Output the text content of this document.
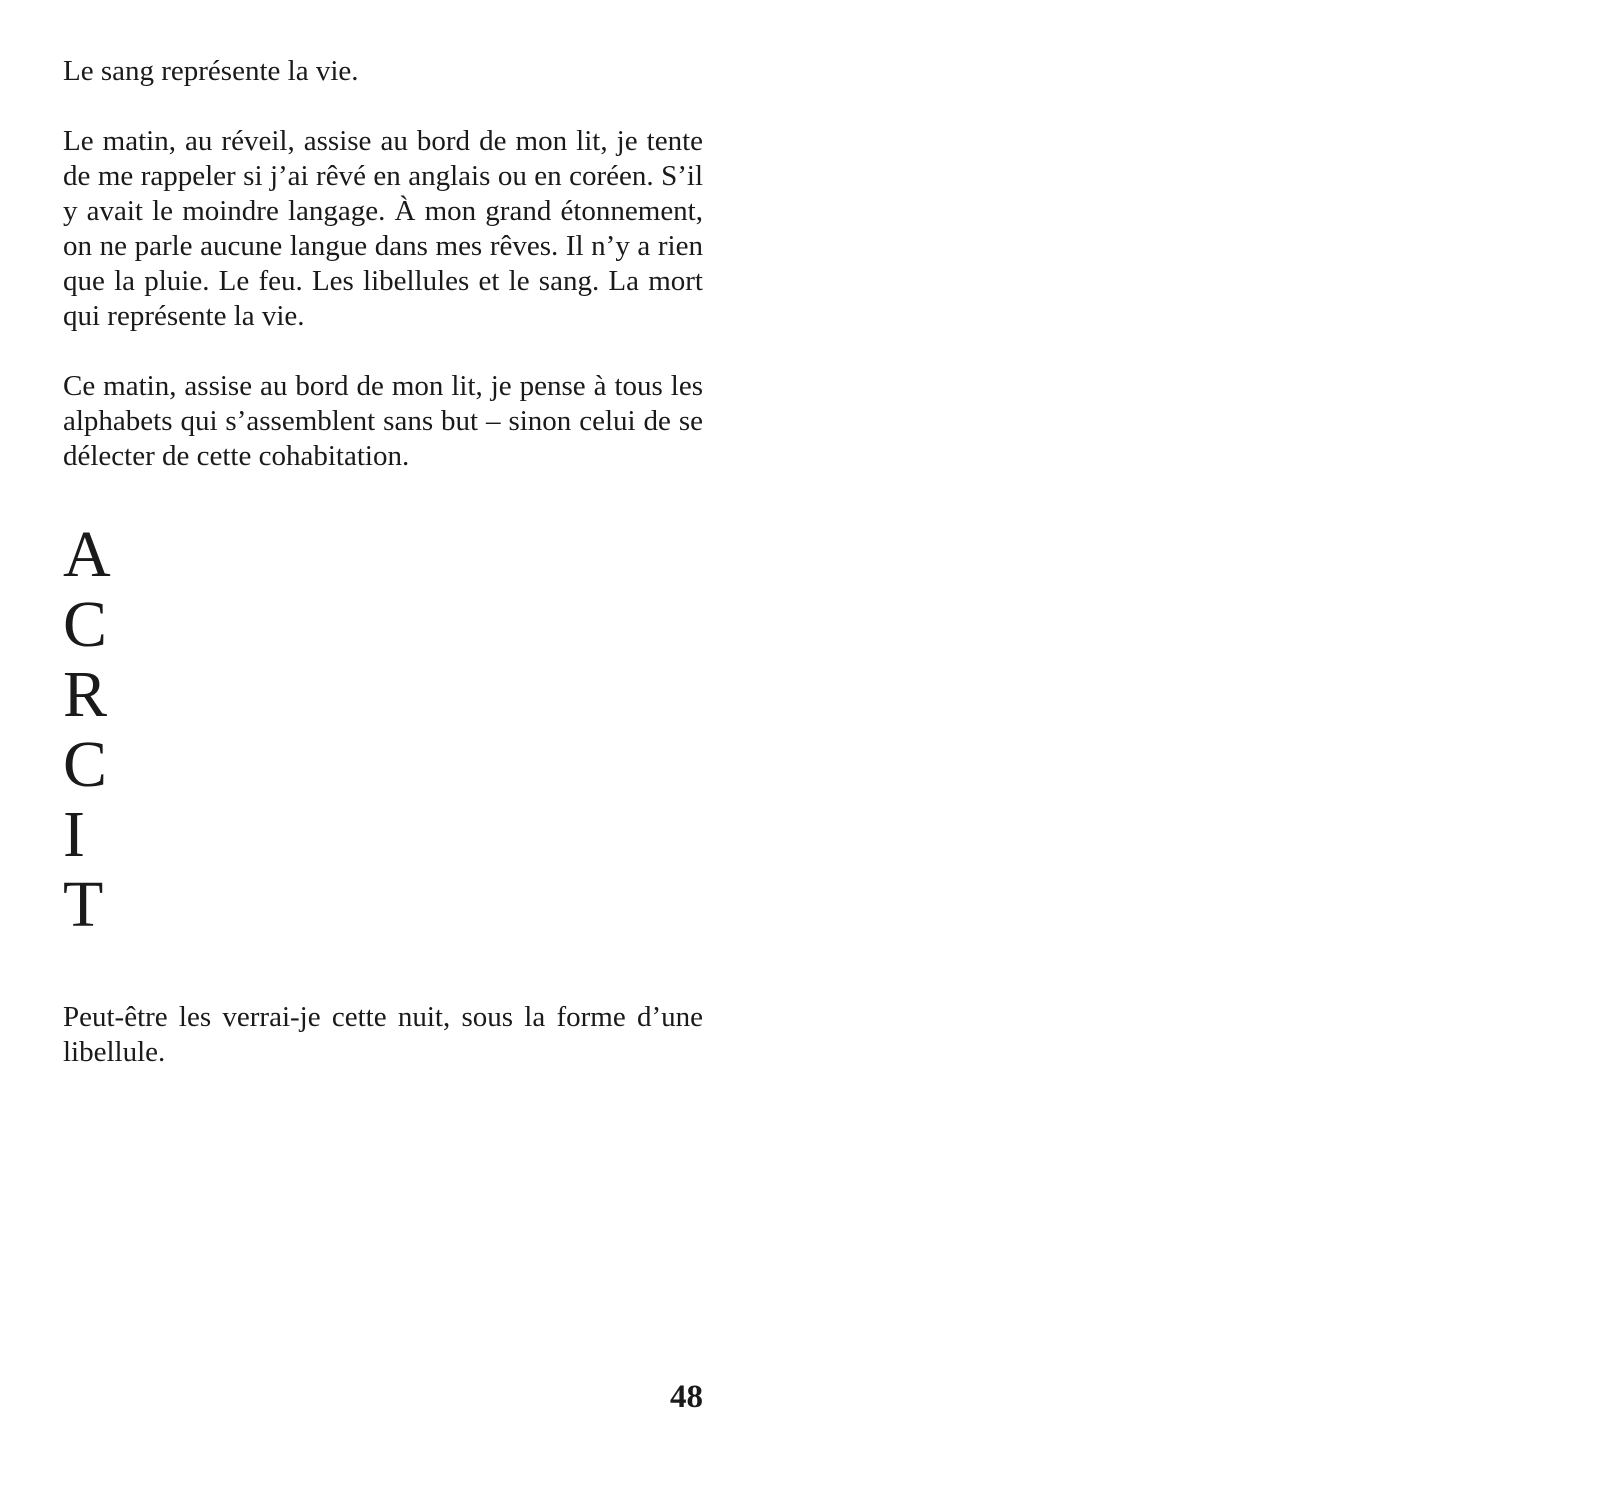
Le sang représente la vie.

Le matin, au réveil, assise au bord de mon lit, je tente de me rappeler si j’ai rêvé en anglais ou en coréen. S’il y avait le moindre langage. À mon grand étonnement, on ne parle aucune langue dans mes rêves. Il n’y a rien que la pluie. Le feu. Les libellules et le sang. La mort qui représente la vie.

Ce matin, assise au bord de mon lit, je pense à tous les alphabets qui s’assemblent sans but – sinon celui de se délecter de cette cohabitation.

A
C
R
C
I
T

Peut-être les verrai-je cette nuit, sous la forme d’une libellule.

48
